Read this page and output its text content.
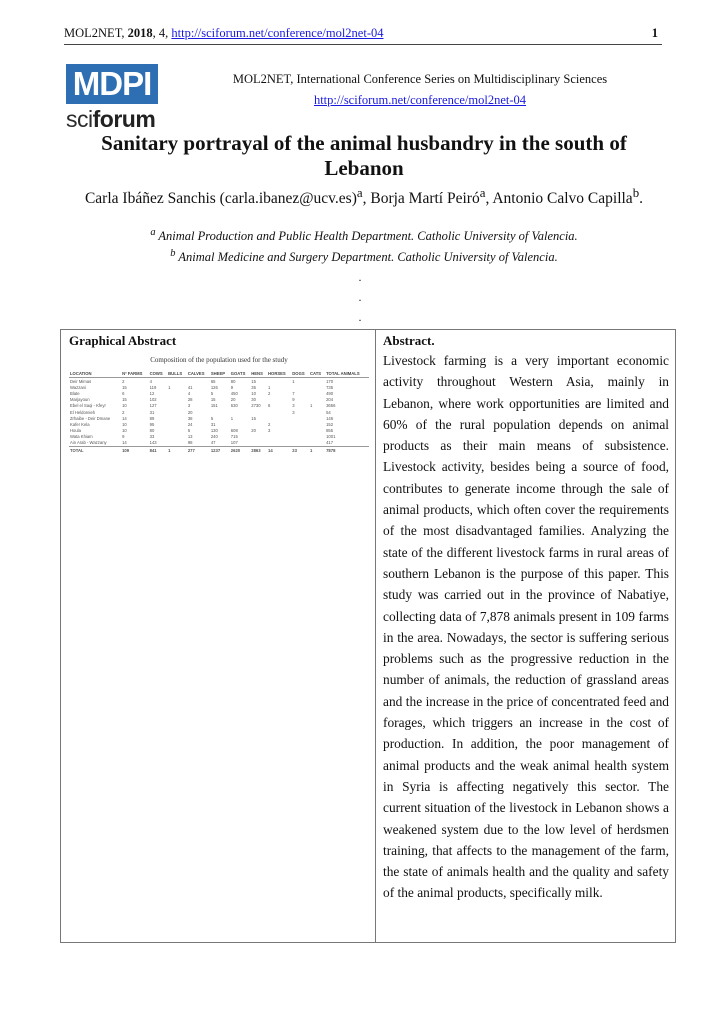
MOL2NET, 2018, 4, http://sciforum.net/conference/mol2net-04	1
MDPI
sciforum
MOL2NET, International Conference Series on Multidisciplinary Sciences
http://sciforum.net/conference/mol2net-04
Sanitary portrayal of the animal husbandry in the south of Lebanon
Carla Ibáñez Sanchis (carla.ibanez@ucv.es)$^a$, Borja Martí Peiró$^a$, Antonio Calvo Capilla$^b$.
$^a$ Animal Production and Public Health Department. Catholic University of Valencia.
$^b$ Animal Medicine and Surgery Department. Catholic University of Valencia.
.
.
.
Graphical Abstract
Composition of the population used for the study
LOCATION	Nº FARMS	COWS	BULLS	CALVES	SHEEP	GOATS	HENS	HORSES	DOGS	CATS	TOTAL ANIMALS
Deir Mimas	2	4			65	80	15		1		170
Wazzani	15	119	1	41	126	9	35	1			735
Blate	6	12		4	5	450	10	2	7		490
Marjayoun	15	102		28	15	20	30		9		204
Ebel el Saqi - Kfeyr	10	127		3	151	630	2730	6	3	1	3656
El Heldoreieh	2	31		20					3		54
Zrhaibe - Deir Dmane	14	89		38	5	1	15				146
Kafer Kela	10	95		24	31			2			152
Houla	10	80		5	130	608	20	3			855
Wata Khiam	9	33		13	240	715					1001
Ain Arab - Wazzany	14	143		98	47	107					417
TOTAL	109	841	1	277	1237	2620	2863	14	23	1	7878
Abstract.
Livestock farming is a very important economic activity throughout Western Asia, mainly in Lebanon, where work opportunities are limited and 60% of the rural population depends on animal products as their main means of subsistence. Livestock activity, besides being a source of food, contributes to generate income through the sale of animal products, which often cover the requirements of the most disadvantaged families. Analyzing the state of the different livestock farms in rural areas of southern Lebanon is the purpose of this paper. This study was carried out in the province of Nabatiye, collecting data of 7,878 animals present in 109 farms in the area. Nowadays, the sector is suffering serious problems such as the progressive reduction in the number of animals, the reduction of grassland areas and the increase in the price of concentrated feed and forages, which triggers an increase in the cost of production. In addition, the poor management of animal products and the weak animal health system in Syria is affecting negatively this sector. The current situation of the livestock in Lebanon shows a weakened system due to the low level of herdsmen training, that affects to the management of the farm, the state of animals health and the quality and safety of the animal products, specifically milk.
